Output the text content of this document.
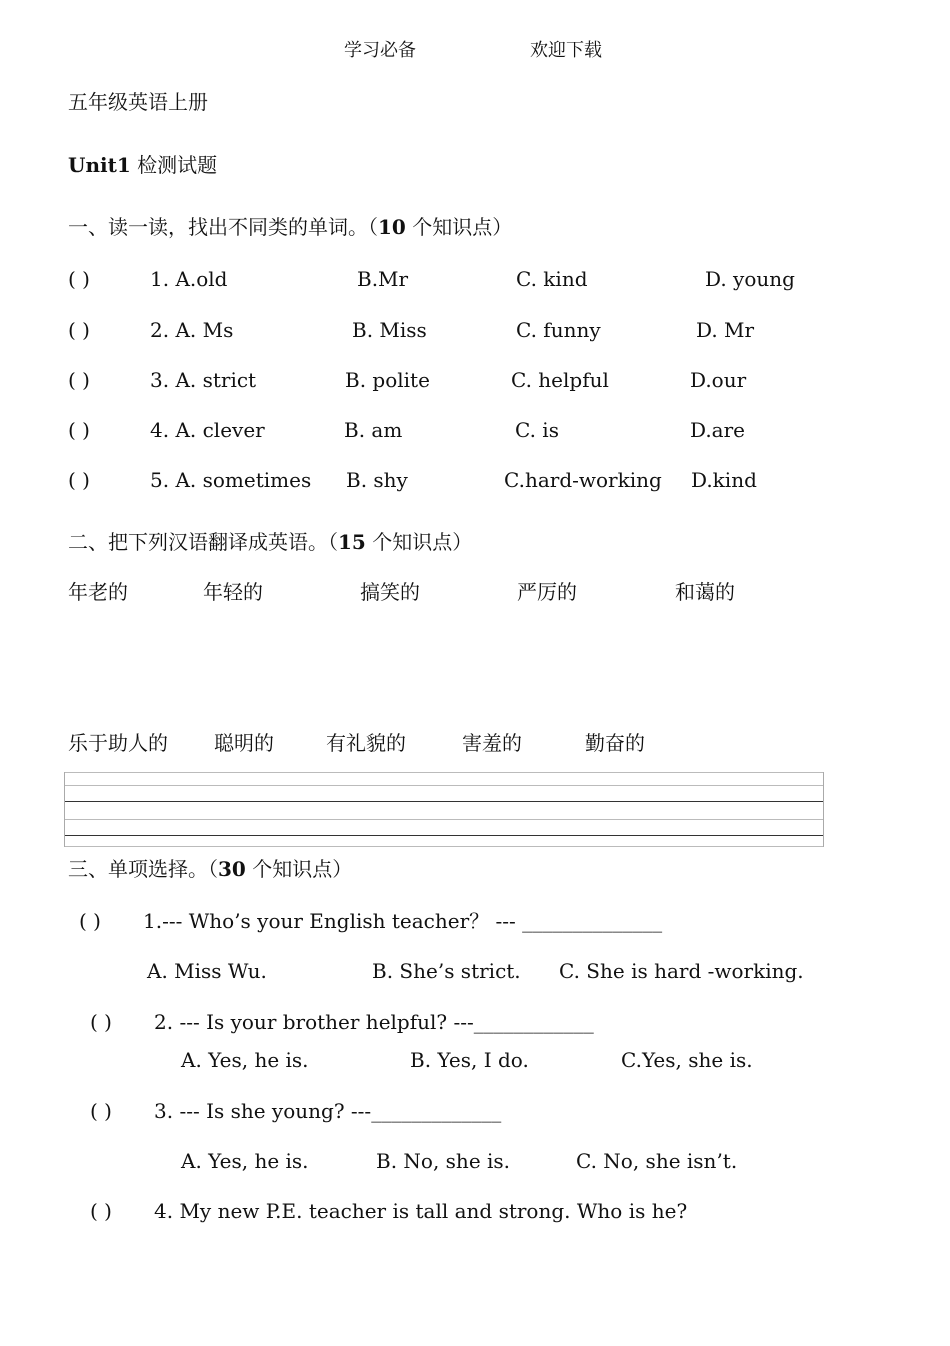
学习必备	欢迎下载
五年级英语上册
Unit1 检测试题
一、读一读，找出不同类的单词。（10 个知识点）
( )	1. A.old	B.Mr	C. kind	D. young
( )	2. A. Ms	B. Miss	C. funny	D. Mr
( )	3. A. strict	B. polite	C. helpful	D.our
( )	4. A. clever	B. am	C. is	D.are
( )	5. A. sometimes B. shy	C.hard-working D.kind
二、把下列汉语翻译成英语。（15 个知识点）
年老的	年轻的	搞笑的	严厉的	和蔼的
乐于助人的 聪明的	有礼貌的	害羞的	勤奋的
三、单项选择。（30 个知识点）
( ) 1.--- Who’s your English teacher？ --- ______________
A. Miss Wu.	B. She’s strict. C. She is hard -working.
( ) 2. --- Is your brother helpful? ---____________
A. Yes, he is.	B. Yes, I do.	C.Yes, she is.
( ) 3. --- Is she young? ---_____________
A. Yes, he is.	B. No, she is.	C. No, she isn’t.
( ) 4. My new P.E. teacher is tall and strong. Who is he?
